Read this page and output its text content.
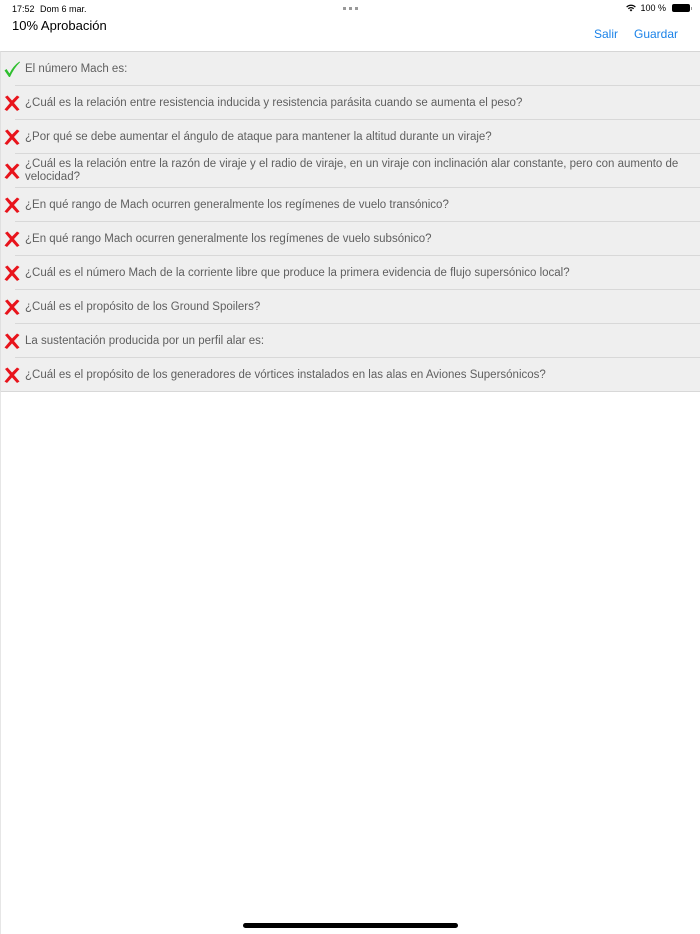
17:52 Dom 6 mar.	100 %
10% Aprobación
Salir Guardar
El número Mach es:
¿Cuál es la relación entre resistencia inducida y resistencia parásita cuando se aumenta el peso?
¿Por qué se debe aumentar el ángulo de ataque para mantener la altitud durante un viraje?
¿Cuál es la relación entre la razón de viraje y el radio de viraje, en un viraje con inclinación alar constante, pero con aumento de velocidad?
¿En qué rango de Mach ocurren generalmente los regímenes de vuelo transónico?
¿En qué rango Mach ocurren generalmente los regímenes de vuelo subsónico?
¿Cuál es el número Mach de la corriente libre que produce la primera evidencia de flujo supersónico local?
¿Cuál es el propósito de los Ground Spoilers?
La sustentación producida por un perfil alar es:
¿Cuál es el propósito de los generadores de vórtices instalados en las alas en Aviones Supersónicos?
